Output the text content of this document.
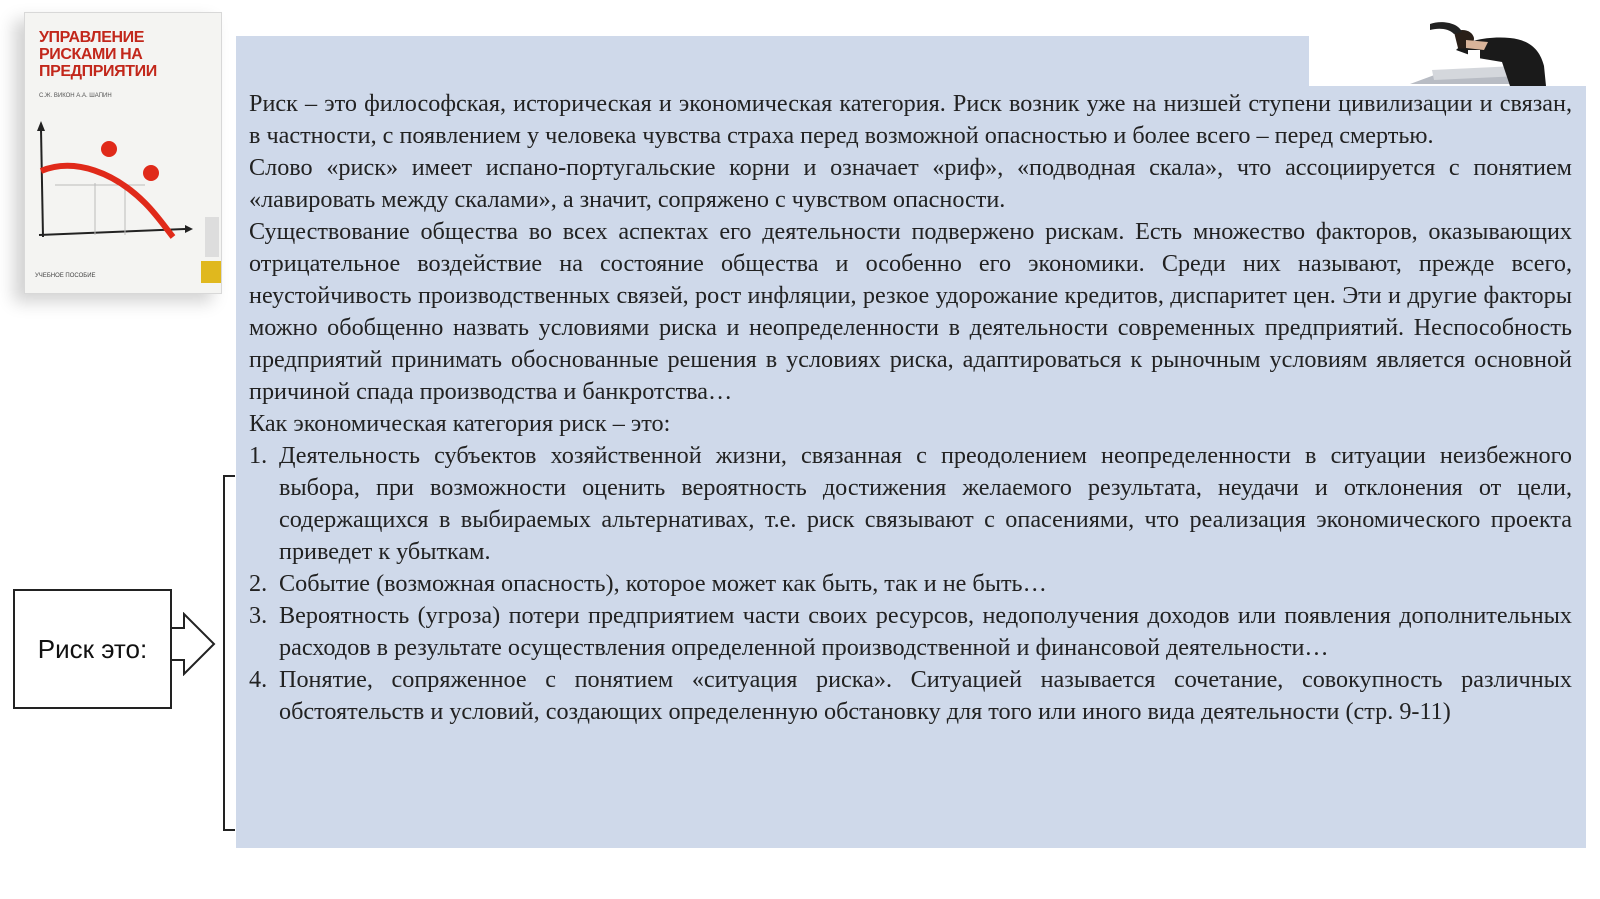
УПРАВЛЕНИЕ РИСКАМИ НА ПРЕДПРИЯТИИ
С.Ж. ВИКОН А.А. ШАПИН
УЧЕБНОЕ ПОСОБИЕ

Риск – это философская, историческая и экономическая категория. Риск возник уже на низшей ступени цивилизации и связан, в частности, с появлением у человека чувства страха перед возможной опасностью и более всего – перед смертью.

Слово «риск» имеет испано-португальские корни и означает «риф», «подводная скала», что ассоциируется с понятием «лавировать между скалами», а значит, сопряжено с чувством опасности.

Существование общества во всех аспектах его деятельности подвержено рискам. Есть множество факторов, оказывающих отрицательное воздействие на состояние общества и особенно его экономики. Среди них называют, прежде всего, неустойчивость производственных связей, рост инфляции, резкое удорожание кредитов, диспаритет цен. Эти и другие факторы можно обобщенно назвать условиями риска и неопределенности в деятельности современных предприятий. Неспособность предприятий принимать обоснованные решения в условиях риска, адаптироваться к рыночным условиям является основной причиной спада производства и банкротства…

Как экономическая категория риск – это:

1. Деятельность субъектов хозяйственной жизни, связанная с преодолением неопределенности в ситуации неизбежного выбора, при возможности оценить вероятность достижения желаемого результата, неудачи и отклонения от цели, содержащихся в выбираемых альтернативах, т.е. риск связывают с опасениями, что реализация экономического проекта приведет к убыткам.
2. Событие (возможная опасность), которое может как быть, так и не быть…
3. Вероятность (угроза) потери предприятием части своих ресурсов, недополучения доходов или появления дополнительных расходов в результате осуществления определенной производственной и финансовой деятельности…
4. Понятие, сопряженное с понятием «ситуация риска». Ситуацией называется сочетание, совокупность различных обстоятельств и условий, создающих определенную обстановку для того или иного вида деятельности (стр. 9-11)
Риск это:
